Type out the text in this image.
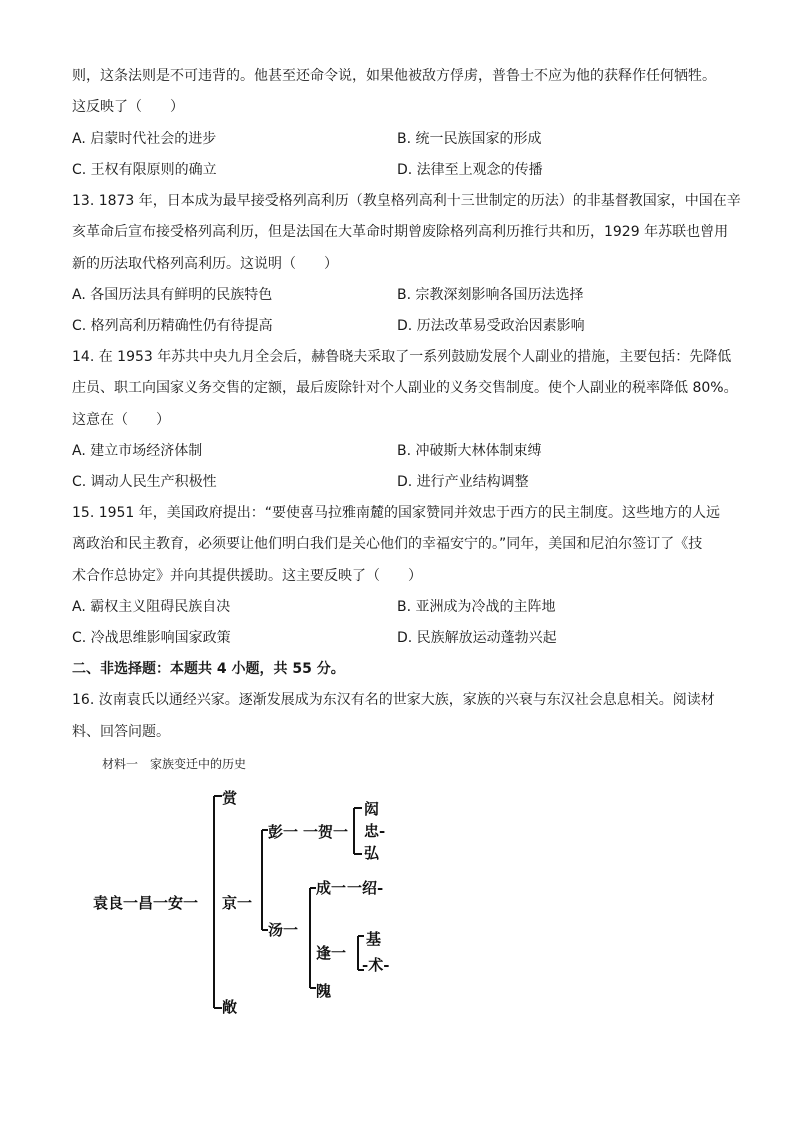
则，这条法则是不可违背的。他甚至还命令说，如果他被敌方俘虏，普鲁士不应为他的获释作任何牺牲。
这反映了（　　）
A. 启蒙时代社会的进步	B. 统一民族国家的形成
C. 王权有限原则的确立	D. 法律至上观念的传播
13. 1873 年，日本成为最早接受格列高利历（教皇格列高利十三世制定的历法）的非基督教国家，中国在辛
亥革命后宣布接受格列高利历，但是法国在大革命时期曾废除格列高利历推行共和历，1929 年苏联也曾用
新的历法取代格列高利历。这说明（　　）
A. 各国历法具有鲜明的民族特色	B. 宗教深刻影响各国历法选择
C. 格列高利历精确性仍有待提高	D. 历法改革易受政治因素影响
14. 在 1953 年苏共中央九月全会后，赫鲁晓夫采取了一系列鼓励发展个人副业的措施，主要包括：先降低
庄员、职工向国家义务交售的定额，最后废除针对个人副业的义务交售制度。使个人副业的税率降低 80%。
这意在（　　）
A. 建立市场经济体制	B. 冲破斯大林体制束缚
C. 调动人民生产积极性	D. 进行产业结构调整
15. 1951 年，美国政府提出：“要使喜马拉雅南麓的国家赞同并效忠于西方的民主制度。这些地方的人远
离政治和民主教育，必须要让他们明白我们是关心他们的幸福安宁的。”同年，美国和尼泊尔签订了《技
术合作总协定》并向其提供援助。这主要反映了（　　）
A. 霸权主义阻碍民族自决	B. 亚洲成为冷战的主阵地
C. 冷战思维影响国家政策	D. 民族解放运动蓬勃兴起
二、非选择题：本题共 4 小题，共 55 分。
16. 汝南袁氏以通经兴家。逐渐发展成为东汉有名的世家大族，家族的兴衰与东汉社会息息相关。阅读材
料、回答问题。
材料一　家族变迁中的历史
袁良一昌一安一
赏
京一
敞
彭一
汤一
一贺一
闳
忠-
弘
成一 一绍-
逢一
隗
基
-术-
